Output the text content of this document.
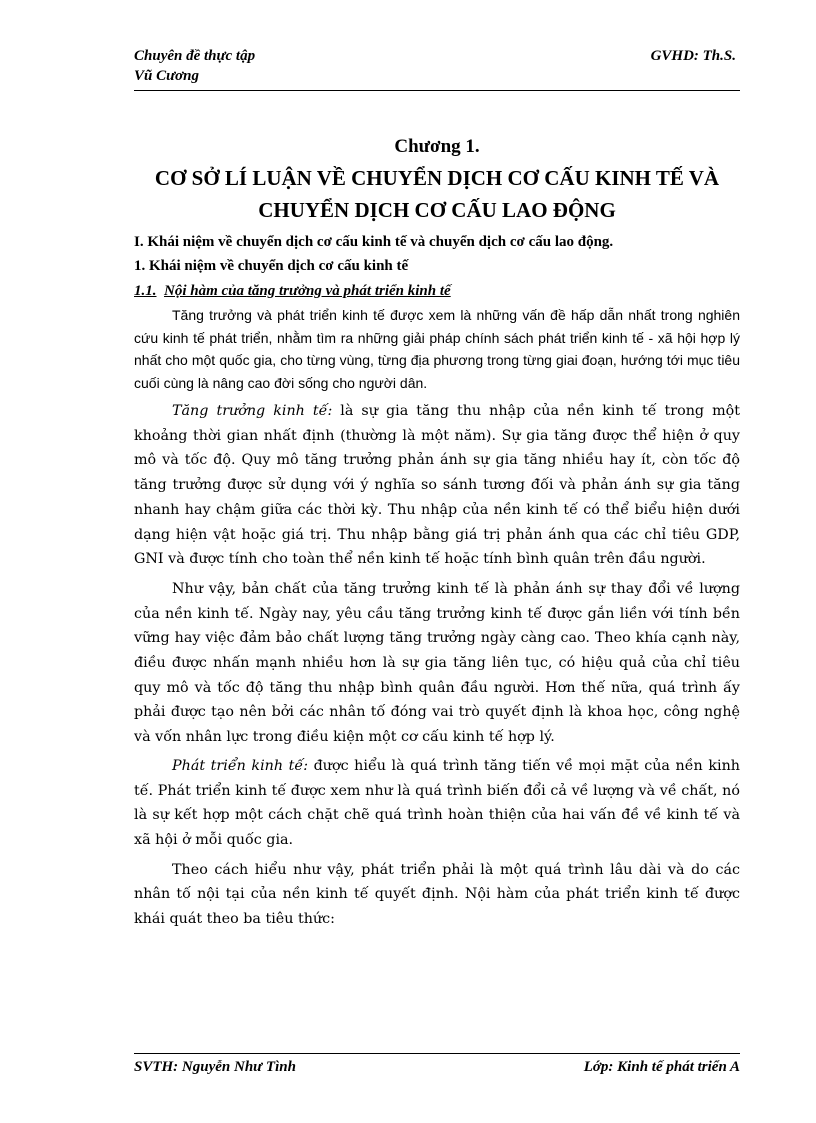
Chuyên đề thực tập
Vũ Cương
GVHD: Th.S.

Chương 1.

CƠ SỞ LÍ LUẬN VỀ CHUYỂN DỊCH CƠ CẤU KINH TẾ VÀ CHUYỂN DỊCH CƠ CẤU LAO ĐỘNG

I. Khái niệm về chuyển dịch cơ cấu kinh tế và chuyển dịch cơ cấu lao động.

1. Khái niệm về chuyển dịch cơ cấu kinh tế

1.1. Nội hàm của tăng trưởng và phát triển kinh tế

Tăng trưởng và phát triển kinh tế được xem là những vấn đề hấp dẫn nhất trong nghiên cứu kinh tế phát triển, nhằm tìm ra những giải pháp chính sách phát triển kinh tế - xã hội hợp lý nhất cho một quốc gia, cho từng vùng, từng địa phương trong từng giai đoạn, hướng tới mục tiêu cuối cùng là nâng cao đời sống cho người dân.

Tăng trưởng kinh tế: là sự gia tăng thu nhập của nền kinh tế trong một khoảng thời gian nhất định (thường là một năm). Sự gia tăng được thể hiện ở quy mô và tốc độ. Quy mô tăng trưởng phản ánh sự gia tăng nhiều hay ít, còn tốc độ tăng trưởng được sử dụng với ý nghĩa so sánh tương đối và phản ánh sự gia tăng nhanh hay chậm giữa các thời kỳ. Thu nhập của nền kinh tế có thể biểu hiện dưới dạng hiện vật hoặc giá trị. Thu nhập bằng giá trị phản ánh qua các chỉ tiêu GDP, GNI và được tính cho toàn thể nền kinh tế hoặc tính bình quân trên đầu người.

Như vậy, bản chất của tăng trưởng kinh tế là phản ánh sự thay đổi về lượng của nền kinh tế. Ngày nay, yêu cầu tăng trưởng kinh tế được gắn liền với tính bền vững hay việc đảm bảo chất lượng tăng trưởng ngày càng cao. Theo khía cạnh này, điều được nhấn mạnh nhiều hơn là sự gia tăng liên tục, có hiệu quả của chỉ tiêu quy mô và tốc độ tăng thu nhập bình quân đầu người. Hơn thế nữa, quá trình ấy phải được tạo nên bởi các nhân tố đóng vai trò quyết định là khoa học, công nghệ và vốn nhân lực trong điều kiện một cơ cấu kinh tế hợp lý.

Phát triển kinh tế: được hiểu là quá trình tăng tiến về mọi mặt của nền kinh tế. Phát triển kinh tế được xem như là quá trình biến đổi cả về lượng và về chất, nó là sự kết hợp một cách chặt chẽ quá trình hoàn thiện của hai vấn đề về kinh tế và xã hội ở mỗi quốc gia.

Theo cách hiểu như vậy, phát triển phải là một quá trình lâu dài và do các nhân tố nội tại của nền kinh tế quyết định. Nội hàm của phát triển kinh tế được khái quát theo ba tiêu thức:

SVTH: Nguyễn Như Tình	Lớp: Kinh tế phát triển A
